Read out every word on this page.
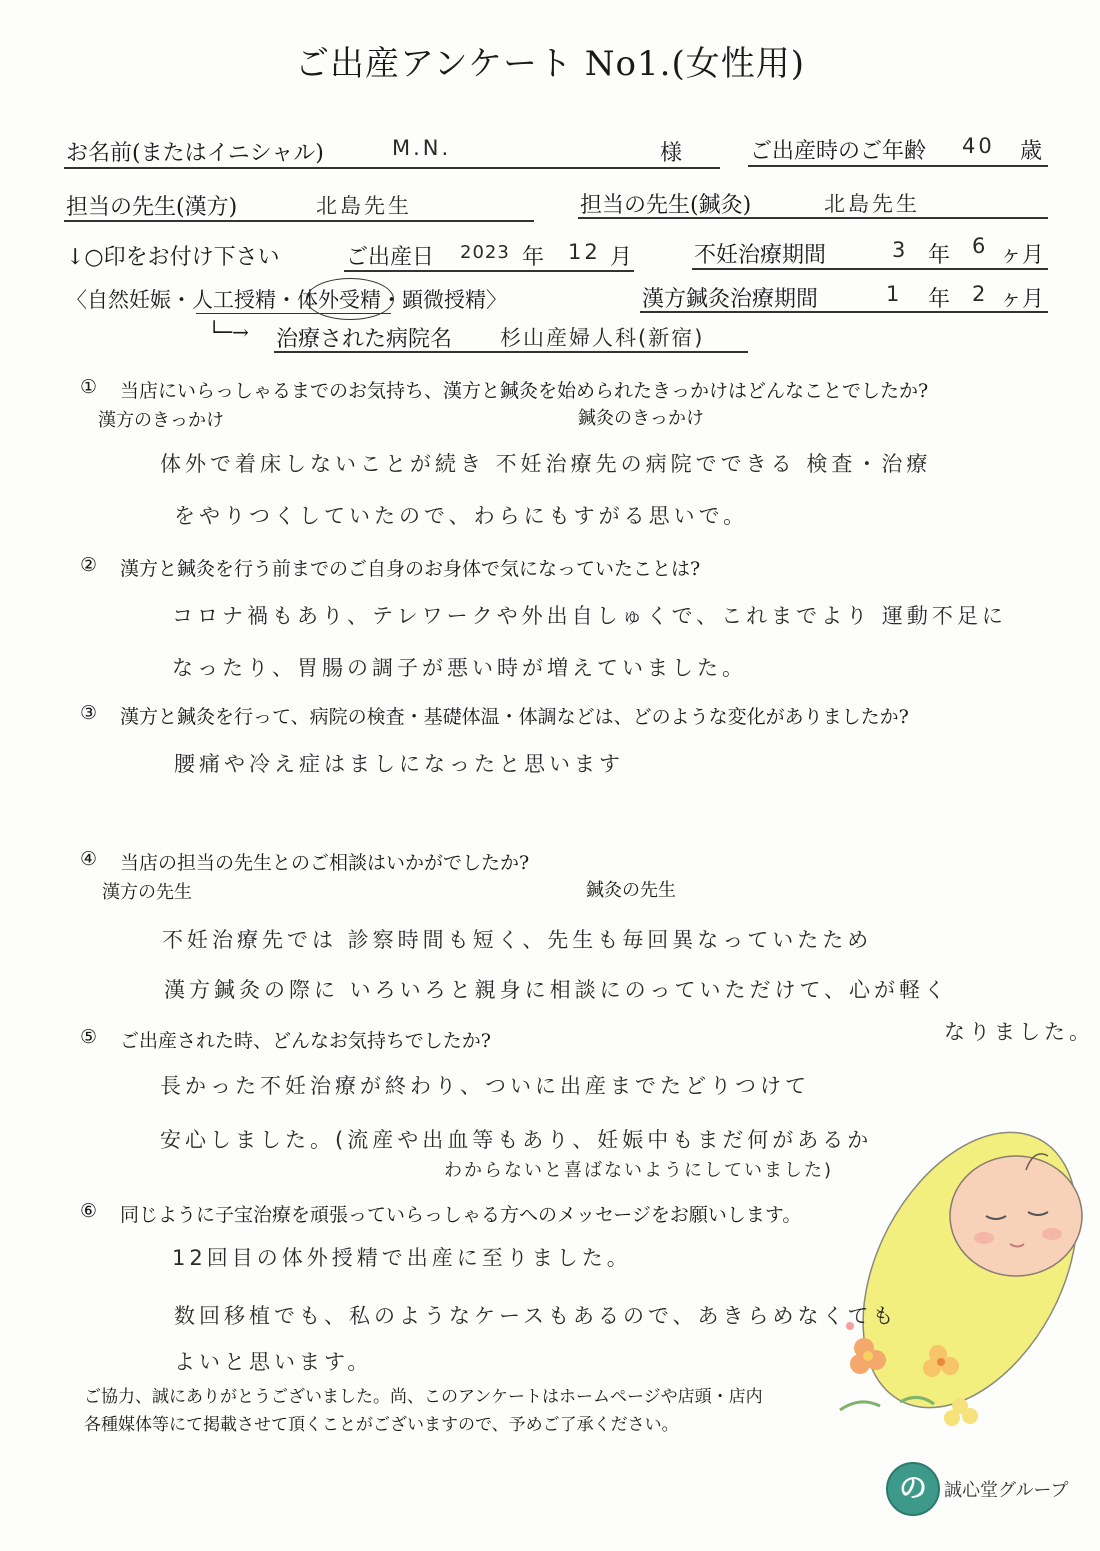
ご出産アンケート No1.(女性用)
お名前(またはイニシャル)	M.N.	様	ご出産時のご年齢 40 歳
担当の先生(漢方)	北島先生	担当の先生(鍼灸)	北島先生
↓○印をお付け下さい	ご出産日 2023 年 12 月	不妊治療期間	3 年 6 ヶ月
〈自然妊娠・人工授精・体外受精・顕微授精〉	漢方鍼灸治療期間	1 年 2 ヶ月
└─→ 治療された病院名 杉山産婦人科(新宿)
① 当店にいらっしゃるまでのお気持ち、漢方と鍼灸を始められたきっかけはどんなことでしたか?
漢方のきっかけ	鍼灸のきっかけ
体外で着床しないことが続き 不妊治療先の病院でできる 検査・治療
をやりつくしていたので、わらにもすがる思いで。
② 漢方と鍼灸を行う前までのご自身のお身体で気になっていたことは?
コロナ禍もあり、テレワークや外出自しゅくで、これまでより 運動不足に
なったり、胃腸の調子が悪い時が増えていました。
③ 漢方と鍼灸を行って、病院の検査・基礎体温・体調などは、どのような変化がありましたか?
腰痛や冷え症はましになったと思います
④ 当店の担当の先生とのご相談はいかがでしたか?
漢方の先生	鍼灸の先生
不妊治療先では 診察時間も短く、先生も毎回異なっていたため
漢方鍼灸の際に いろいろと親身に相談にのっていただけて、心が軽く
なりました。
⑤ ご出産された時、どんなお気持ちでしたか?
長かった不妊治療が終わり、ついに出産までたどりつけて
安心しました。(流産や出血等もあり、妊娠中もまだ何があるか
わからないと喜ばないようにしていました)
⑥ 同じように子宝治療を頑張っていらっしゃる方へのメッセージをお願いします。
12回目の体外授精で出産に至りました。
数回移植でも、私のようなケースもあるので、あきらめなくても
よいと思います。
ご協力、誠にありがとうございました。尚、このアンケートはホームページや店頭・店内
各種媒体等にて掲載させて頂くことがございますので、予めご了承ください。
の 誠心堂グループ
